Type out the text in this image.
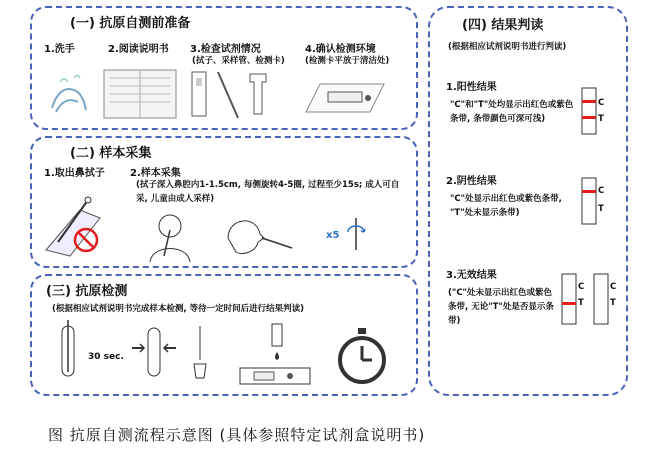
(一) 抗原自测前准备
1.洗手	2.阅读说明书 3.检查试剂情况
(拭子、采样管、检测卡)
4.确认检测环境
(检测卡平放于清洁处)
(二) 样本采集
1.取出鼻拭子	2.样本采集
(拭子深入鼻腔内1-1.5cm, 每侧旋转4-5圈, 过程至少15s; 成人可自采, 儿童由成人采样)
x5
(三) 抗原检测
(根据相应试剂说明书完成样本检测, 等待一定时间后进行结果判读)
30 sec.
(四) 结果判读
(根据相应试剂说明书进行判读)
1.阳性结果
"C"和"T"处均显示出红色或紫色条带, 条带颜色可深可浅)
C
T
2.阴性结果
"C"处显示出红色或紫色条带, "T"处未显示条带)
C
T
3.无效结果
("C"处未显示出红色或紫色条带, 无论"T"处是否显示条带)
C
T
C
T
图 抗原自测流程示意图 (具体参照特定试剂盒说明书)
